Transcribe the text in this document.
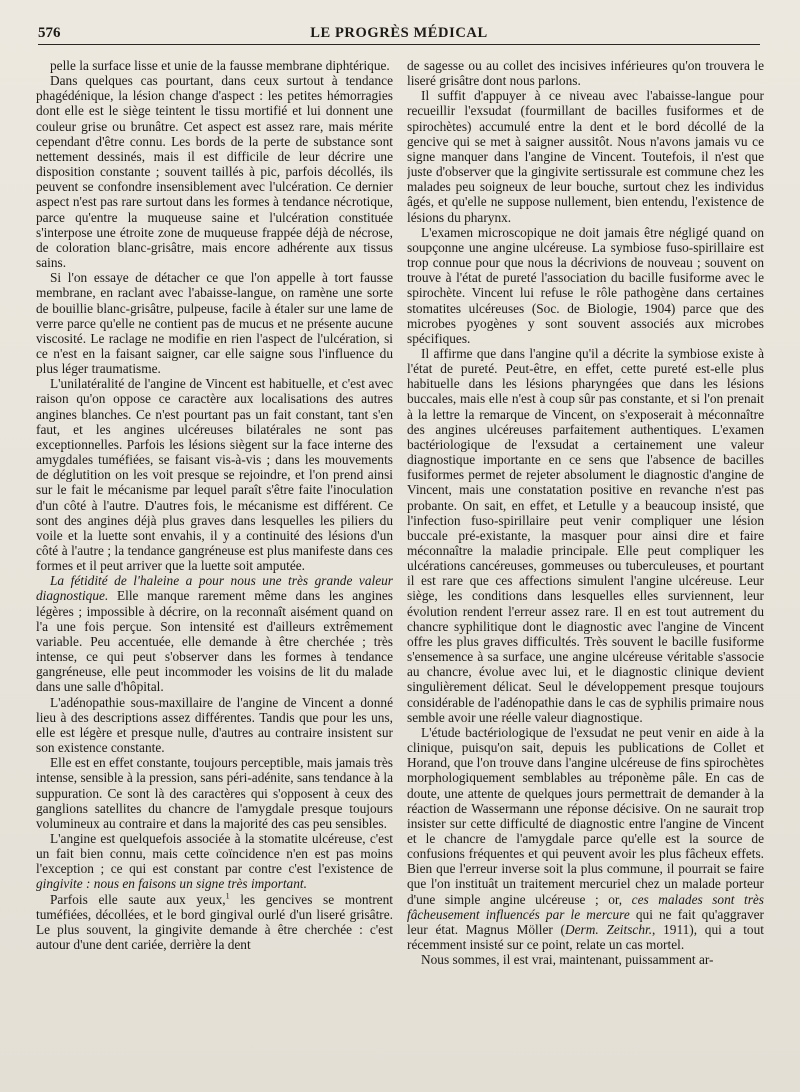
576	LE PROGRÈS MÉDICAL

pelle la surface lisse et unie de la fausse membrane diphtérique.

Dans quelques cas pourtant, dans ceux surtout à tendance phagédénique, la lésion change d'aspect : les petites hémorragies dont elle est le siège teintent le tissu mortifié et lui donnent une couleur grise ou brunâtre. Cet aspect est assez rare, mais mérite cependant d'être connu. Les bords de la perte de substance sont nettement dessinés, mais il est difficile de leur décrire une disposition constante ; souvent taillés à pic, parfois décollés, ils peuvent se confondre insensiblement avec l'ulcération. Ce dernier aspect n'est pas rare surtout dans les formes à tendance nécrotique, parce qu'entre la muqueuse saine et l'ulcération constituée s'interpose une étroite zone de muqueuse frappée déjà de nécrose, de coloration blanc-grisâtre, mais encore adhérente aux tissus sains.

Si l'on essaye de détacher ce que l'on appelle à tort fausse membrane, en raclant avec l'abaisse-langue, on ramène une sorte de bouillie blanc-grisâtre, pulpeuse, facile à étaler sur une lame de verre parce qu'elle ne contient pas de mucus et ne présente aucune viscosité. Le raclage ne modifie en rien l'aspect de l'ulcération, si ce n'est en la faisant saigner, car elle saigne sous l'influence du plus léger traumatisme.

L'unilatéralité de l'angine de Vincent est habituelle, et c'est avec raison qu'on oppose ce caractère aux localisations des autres angines blanches. Ce n'est pourtant pas un fait constant, tant s'en faut, et les angines ulcéreuses bilatérales ne sont pas exceptionnelles. Parfois les lésions siègent sur la face interne des amygdales tuméfiées, se faisant vis-à-vis ; dans les mouvements de déglutition on les voit presque se rejoindre, et l'on prend ainsi sur le fait le mécanisme par lequel paraît s'être faite l'inoculation d'un côté à l'autre. D'autres fois, le mécanisme est différent. Ce sont des angines déjà plus graves dans lesquelles les piliers du voile et la luette sont envahis, il y a continuité des lésions d'un côté à l'autre ; la tendance gangréneuse est plus manifeste dans ces formes et il peut arriver que la luette soit amputée.

La fétidité de l'haleine a pour nous une très grande valeur diagnostique. Elle manque rarement même dans les angines légères ; impossible à décrire, on la reconnaît aisément quand on l'a une fois perçue. Son intensité est d'ailleurs extrêmement variable. Peu accentuée, elle demande à être cherchée ; très intense, ce qui peut s'observer dans les formes à tendance gangréneuse, elle peut incommoder les voisins de lit du malade dans une salle d'hôpital.

L'adénopathie sous-maxillaire de l'angine de Vincent a donné lieu à des descriptions assez différentes. Tandis que pour les uns, elle est légère et presque nulle, d'autres au contraire insistent sur son existence constante.

Elle est en effet constante, toujours perceptible, mais jamais très intense, sensible à la pression, sans péri-adénite, sans tendance à la suppuration. Ce sont là des caractères qui s'opposent à ceux des ganglions satellites du chancre de l'amygdale presque toujours volumineux au contraire et dans la majorité des cas peu sensibles.

L'angine est quelquefois associée à la stomatite ulcéreuse, c'est un fait bien connu, mais cette coïncidence n'en est pas moins l'exception ; ce qui est constant par contre c'est l'existence de gingivite : nous en faisons un signe très important.

Parfois elle saute aux yeux,$^1$ les gencives se montrent tuméfiées, décollées, et le bord gingival ourlé d'un liseré grisâtre. Le plus souvent, la gingivite demande à être cherchée : c'est autour d'une dent cariée, derrière la dent

de sagesse ou au collet des incisives inférieures qu'on trouvera le liseré grisâtre dont nous parlons.

Il suffit d'appuyer à ce niveau avec l'abaisse-langue pour recueillir l'exsudat (fourmillant de bacilles fusiformes et de spirochètes) accumulé entre la dent et le bord décollé de la gencive qui se met à saigner aussitôt. Nous n'avons jamais vu ce signe manquer dans l'angine de Vincent. Toutefois, il n'est que juste d'observer que la gingivite sertissurale est commune chez les malades peu soigneux de leur bouche, surtout chez les individus âgés, et qu'elle ne suppose nullement, bien entendu, l'existence de lésions du pharynx.

L'examen microscopique ne doit jamais être négligé quand on soupçonne une angine ulcéreuse. La symbiose fuso-spirillaire est trop connue pour que nous la décrivions de nouveau ; souvent on trouve à l'état de pureté l'association du bacille fusiforme avec le spirochète. Vincent lui refuse le rôle pathogène dans certaines stomatites ulcéreuses (Soc. de Biologie, 1904) parce que des microbes pyogènes y sont souvent associés aux microbes spécifiques.

Il affirme que dans l'angine qu'il a décrite la symbiose existe à l'état de pureté. Peut-être, en effet, cette pureté est-elle plus habituelle dans les lésions pharyngées que dans les lésions buccales, mais elle n'est à coup sûr pas constante, et si l'on prenait à la lettre la remarque de Vincent, on s'exposerait à méconnaître des angines ulcéreuses parfaitement authentiques. L'examen bactériologique de l'exsudat a certainement une valeur diagnostique importante en ce sens que l'absence de bacilles fusiformes permet de rejeter absolument le diagnostic d'angine de Vincent, mais une constatation positive en revanche n'est pas probante. On sait, en effet, et Letulle y a beaucoup insisté, que l'infection fuso-spirillaire peut venir compliquer une lésion buccale pré-existante, la masquer pour ainsi dire et faire méconnaître la maladie principale. Elle peut compliquer les ulcérations cancéreuses, gommeuses ou tuberculeuses, et pourtant il est rare que ces affections simulent l'angine ulcéreuse. Leur siège, les conditions dans lesquelles elles surviennent, leur évolution rendent l'erreur assez rare. Il en est tout autrement du chancre syphilitique dont le diagnostic avec l'angine de Vincent offre les plus graves difficultés. Très souvent le bacille fusiforme s'ensemence à sa surface, une angine ulcéreuse véritable s'associe au chancre, évolue avec lui, et le diagnostic clinique devient singulièrement délicat. Seul le développement presque toujours considérable de l'adénopathie dans le cas de syphilis primaire nous semble avoir une réelle valeur diagnostique.

L'étude bactériologique de l'exsudat ne peut venir en aide à la clinique, puisqu'on sait, depuis les publications de Collet et Horand, que l'on trouve dans l'angine ulcéreuse de fins spirochètes morphologiquement semblables au tréponème pâle. En cas de doute, une attente de quelques jours permettrait de demander à la réaction de Wassermann une réponse décisive. On ne saurait trop insister sur cette difficulté de diagnostic entre l'angine de Vincent et le chancre de l'amygdale parce qu'elle est la source de confusions fréquentes et qui peuvent avoir les plus fâcheux effets. Bien que l'erreur inverse soit la plus commune, il pourrait se faire que l'on instituât un traitement mercuriel chez un malade porteur d'une simple angine ulcéreuse ; or, ces malades sont très fâcheusement influencés par le mercure qui ne fait qu'aggraver leur état. Magnus Möller (Derm. Zeitschr., 1911), qui a tout récemment insisté sur ce point, relate un cas mortel.

Nous sommes, il est vrai, maintenant, puissamment ar-
